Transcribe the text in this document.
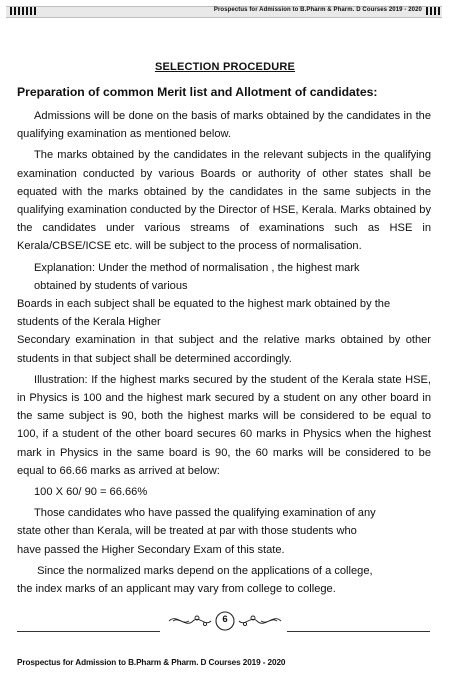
Prospectus for Admission to B.Pharm & Pharm. D Courses 2019 - 2020
SELECTION PROCEDURE
Preparation of common Merit list and Allotment of candidates:

Admissions will be done on the basis of marks obtained by the candidates in the qualifying examination as mentioned below.

The marks obtained by the candidates in the relevant subjects in the qualifying examination conducted by various Boards or authority of other states shall be equated with the marks obtained by the candidates in the same subjects in the qualifying examination conducted by the Director of HSE, Kerala. Marks obtained by the candidates under various streams of examinations such as HSE in Kerala/CBSE/ICSE etc. will be subject to the process of normalisation.

Explanation: Under the method of normalisation , the highest mark

obtained by students of various

Boards in each subject shall be equated to the highest mark obtained by the

students of the Kerala Higher

Secondary examination in that subject and the relative marks obtained by other students in that subject shall be determined accordingly.

Illustration: If the highest marks secured by the student of the Kerala state HSE, in Physics is 100 and the highest mark secured by a student on any other board in the same subject is 90, both the highest marks will be considered to be equal to 100, if a student of the other board secures 60 marks in Physics when the highest mark in Physics in the same board is 90, the 60 marks will be considered to be equal to 66.66 marks as arrived at below:

100 X 60/ 90 = 66.66%

Those candidates who have passed the qualifying examination of any

state other than Kerala, will be treated at par with those students who

have passed the Higher Secondary Exam of this state.

Since the normalized marks depend on the applications of a college,

the index marks of an applicant may vary from college to college.

6
Prospectus for Admission to B.Pharm & Pharm. D Courses 2019 - 2020
